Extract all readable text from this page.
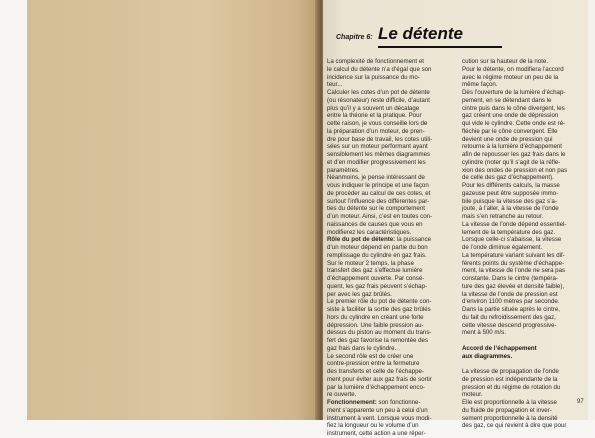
Chapitre 6: Le détente
La complexité de fonctionnement et
le calcul du détente n’a d’égal que son
incidence sur la puissance du mo-
teur...
Calculer les cotes d’un pot de détente
(ou résonateur) reste difficile, d’autant
plus qu’il y a souvent un décalage
entre la théorie et la pratique. Pour
cette raison, je vous conseille lors de
la préparation d’un moteur, de pren-
dre pour base de travail, les cotes utili-
sées sur un moteur performant ayant
sensiblement les mêmes diagrammes
et d’en modifier progressivement les
paramètres.
Néanmoins, je pense intéressant de
vous indiquer le principe et une façon
de procéder au calcul de ces cotes, et
surtout l’influence des différentes par-
ties du détente sur le comportement
d’un moteur. Ainsi, c’est en toutes con-
naissances de causes que vous en
modifierez les caractéristiques.
Rôle du pot de détente: la puissance
d’un moteur dépend en partie du bon
remplissage du cylindre en gaz frais.
Sur le moteur 2 temps, la phase
transfert des gaz s’effectue lumière
d’échappement ouverte. Par consé-
quent, les gaz frais peuvent s’échap-
per avec les gaz brûlés.
Le premier rôle du pot de détente con-
siste à faciliter la sortie des gaz brûlés
hors du cylindre en créant une forte
dépression. Une faible pression au-
dessus du piston au moment du trans-
fert des gaz favorise la remontée des
gaz frais dans le cylindre.
Le second rôle est de créer une
contre-pression entre la fermeture
des transferts et celle de l’échappe-
ment pour éviter aux gaz frais de sortir
par la lumière d’échappement enco-
re ouverte.
Fonctionnement: son fonctionne-
ment s’apparente un peu à celui d’un
instrument à vent. Lorsque vous modi-
fiez la longueur ou le volume d’un
instrument, cette action a une réper-
cution sur la hauteur de la note.
Pour le détente, on modifiera l’accord
avec le régime moteur un peu de la
même façon.
Dès l’ouverture de la lumière d’échap-
pement, en se détendant dans le
cintre puis dans le cône divergent, les
gaz créent une onde de dépression
qui vide le cylindre. Cette onde est ré-
fléchie par le cône convergent. Elle
devient une onde de pression qui
retourne à la lumière d’échappement
afin de repousser les gaz frais dans le
cylindre (noter qu’il s’agit de la réfle-
xion des ondes de pression et non pas
de celle des gaz d’échappement).
Pour les différents calculs, la masse
gazeuse peut être supposée immo-
bile puisque la vitesse des gaz s’a-
joute, à l’aller, à la vitesse de l’onde
mais s’en retranche au retour.
La vitesse de l’onde dépend essentiel-
lement de la température des gaz.
Lorsque celle-ci s’abaisse, la vitesse
de l’onde diminue également.
La température variant suivant les dif-
férents points du système d’échappe-
ment, la vitesse de l’onde ne sera pas
constante. Dans le cintre (tempéra-
ture des gaz élevée et densité faible),
la vitesse de l’onde de pression est
d’environ 1100 mètres par seconde.
Dans la partie située après le cintre,
du fait du refroidissement des gaz,
cette vitesse descend progressive-
ment à 500 m/s.
Accord de l’échappement
aux diagrammes.
La vitesse de propagation de l’onde
de pression est indépendante de la
pression et du régime de rotation du
moteur.
Elle est proportionnelle à la vitesse
du fluide de propagation et inver-
sement proportionnelle à la densité
des gaz, ce qui revient à dire que pour
97
